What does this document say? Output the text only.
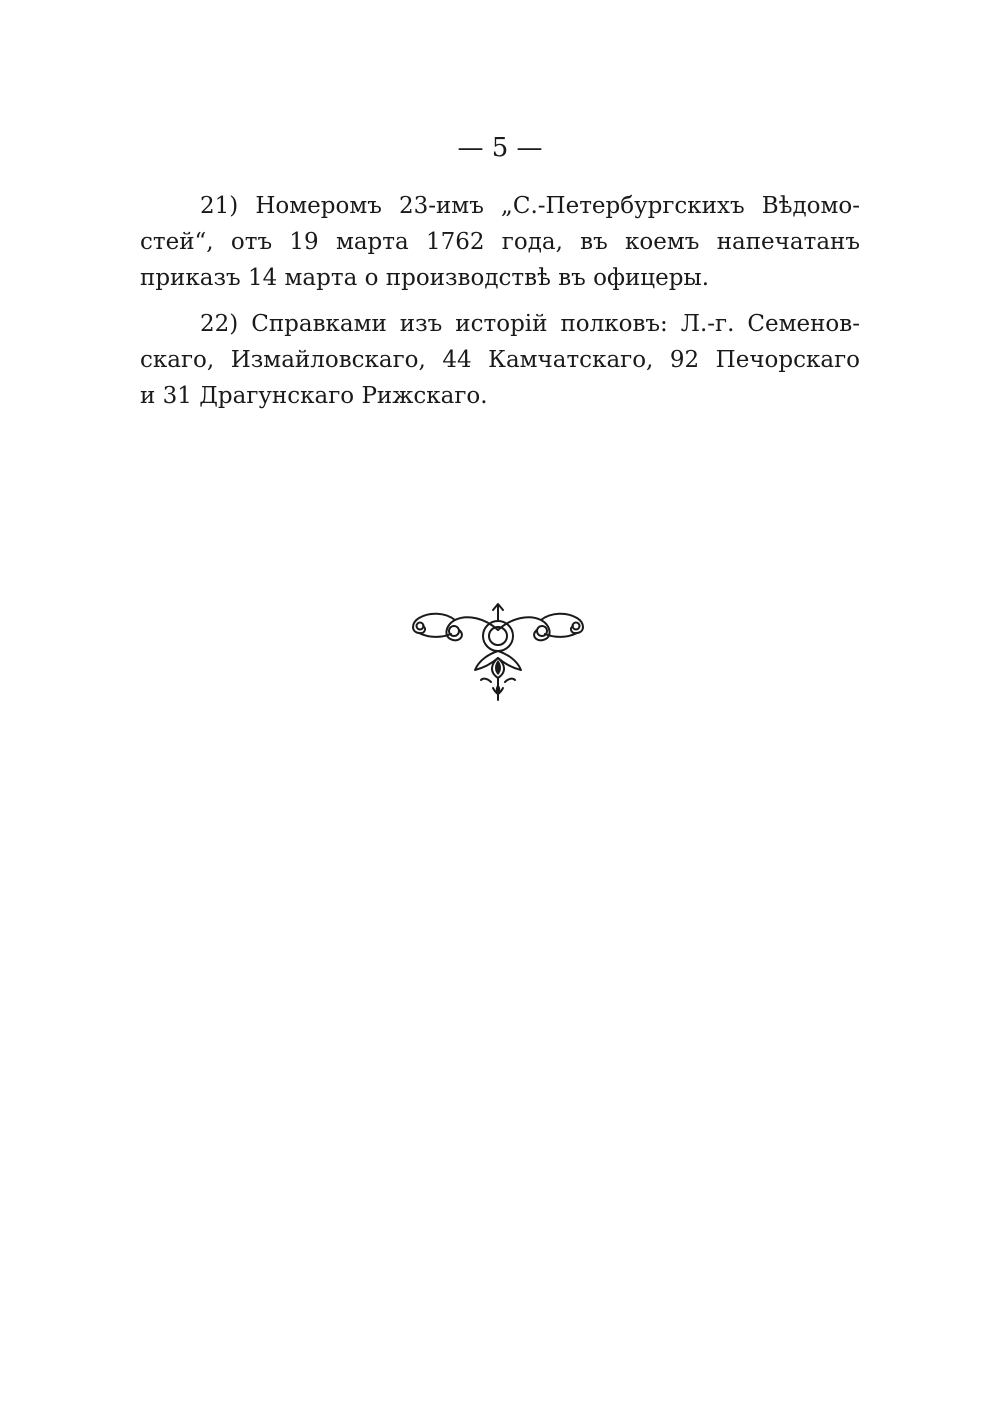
— 5 —

21) Номеромъ 23-имъ „С.-Петербургскихъ Вѣдомо-
стей“, отъ 19 марта 1762 года, въ коемъ напечатанъ
приказъ 14 марта о производствѣ въ офицеры.

22) Справками изъ исторій полковъ: Л.-г. Семенов-
скаго, Измайловскаго, 44 Камчатскаго, 92 Печорскаго
и 31 Драгунскаго Рижскаго.
